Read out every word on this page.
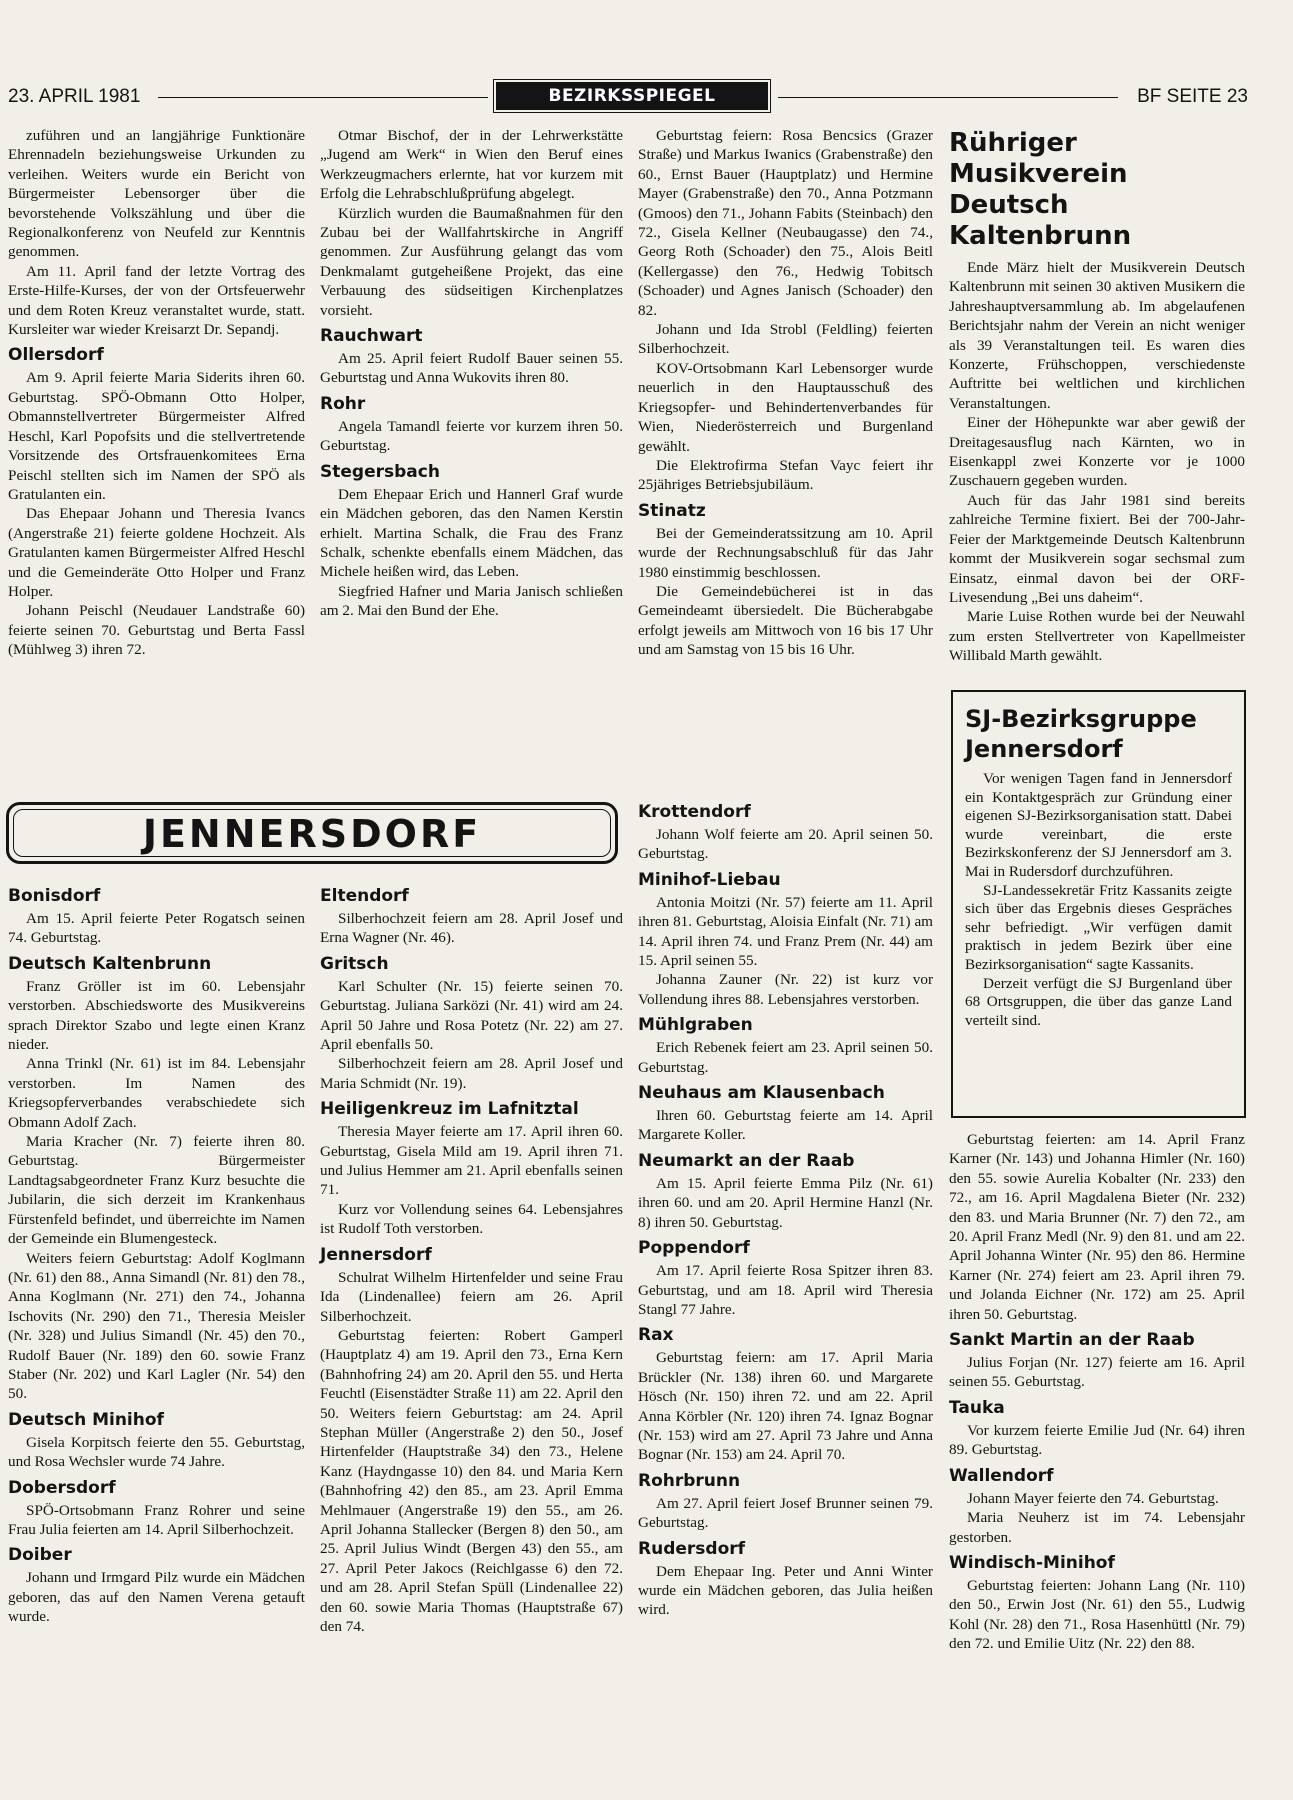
23. APRIL 1981	BEZIRKSSPIEGEL	BF SEITE 23

zuführen und an langjährige Funktionäre Ehrennadeln beziehungsweise Urkunden zu verleihen. Weiters wurde ein Bericht von Bürgermeister Lebensorger über die bevorstehende Volkszählung und über die Regionalkonferenz von Neufeld zur Kenntnis genommen.

Am 11. April fand der letzte Vortrag des Erste-Hilfe-Kurses, der von der Ortsfeuerwehr und dem Roten Kreuz veranstaltet wurde, statt. Kursleiter war wieder Kreisarzt Dr. Sepandj.

Ollersdorf

Am 9. April feierte Maria Siderits ihren 60. Geburtstag. SPÖ-Obmann Otto Holper, Obmannstellvertreter Bürgermeister Alfred Heschl, Karl Popofsits und die stellvertretende Vorsitzende des Ortsfrauenkomitees Erna Peischl stellten sich im Namen der SPÖ als Gratulanten ein.

Das Ehepaar Johann und Theresia Ivancs (Angerstraße 21) feierte goldene Hochzeit. Als Gratulanten kamen Bürgermeister Alfred Heschl und die Gemeinderäte Otto Holper und Franz Holper.

Johann Peischl (Neudauer Landstraße 60) feierte seinen 70. Geburtstag und Berta Fassl (Mühlweg 3) ihren 72.

Otmar Bischof, der in der Lehrwerkstätte „Jugend am Werk“ in Wien den Beruf eines Werkzeugmachers erlernte, hat vor kurzem mit Erfolg die Lehrabschlußprüfung abgelegt.

Kürzlich wurden die Baumaßnahmen für den Zubau bei der Wallfahrtskirche in Angriff genommen. Zur Ausführung gelangt das vom Denkmalamt gutgeheißene Projekt, das eine Verbauung des südseitigen Kirchenplatzes vorsieht.

Rauchwart

Am 25. April feiert Rudolf Bauer seinen 55. Geburtstag und Anna Wukovits ihren 80.

Rohr

Angela Tamandl feierte vor kurzem ihren 50. Geburtstag.

Stegersbach

Dem Ehepaar Erich und Hannerl Graf wurde ein Mädchen geboren, das den Namen Kerstin erhielt. Martina Schalk, die Frau des Franz Schalk, schenkte ebenfalls einem Mädchen, das Michele heißen wird, das Leben.

Siegfried Hafner und Maria Janisch schließen am 2. Mai den Bund der Ehe.

Geburtstag feiern: Rosa Bencsics (Grazer Straße) und Markus Iwanics (Grabenstraße) den 60., Ernst Bauer (Hauptplatz) und Hermine Mayer (Grabenstraße) den 70., Anna Potzmann (Gmoos) den 71., Johann Fabits (Steinbach) den 72., Gisela Kellner (Neubaugasse) den 74., Georg Roth (Schoader) den 75., Alois Beitl (Kellergasse) den 76., Hedwig Tobitsch (Schoader) und Agnes Janisch (Schoader) den 82.

Johann und Ida Strobl (Feldling) feierten Silberhochzeit.

KOV-Ortsobmann Karl Lebensorger wurde neuerlich in den Hauptausschuß des Kriegsopfer- und Behindertenverbandes für Wien, Niederösterreich und Burgenland gewählt.

Die Elektrofirma Stefan Vayc feiert ihr 25jähriges Betriebsjubiläum.

Stinatz

Bei der Gemeinderatssitzung am 10. April wurde der Rechnungsabschluß für das Jahr 1980 einstimmig beschlossen.

Die Gemeindebücherei ist in das Gemeindeamt übersiedelt. Die Bücherabgabe erfolgt jeweils am Mittwoch von 16 bis 17 Uhr und am Samstag von 15 bis 16 Uhr.

Rühriger Musikverein Deutsch Kaltenbrunn

Ende März hielt der Musikverein Deutsch Kaltenbrunn mit seinen 30 aktiven Musikern die Jahreshauptversammlung ab. Im abgelaufenen Berichtsjahr nahm der Verein an nicht weniger als 39 Veranstaltungen teil. Es waren dies Konzerte, Frühschoppen, verschiedenste Auftritte bei weltlichen und kirchlichen Veranstaltungen.

Einer der Höhepunkte war aber gewiß der Dreitagesausflug nach Kärnten, wo in Eisenkappl zwei Konzerte vor je 1000 Zuschauern gegeben wurden.

Auch für das Jahr 1981 sind bereits zahlreiche Termine fixiert. Bei der 700-Jahr-Feier der Marktgemeinde Deutsch Kaltenbrunn kommt der Musikverein sogar sechsmal zum Einsatz, einmal davon bei der ORF-Livesendung „Bei uns daheim“.

Marie Luise Rothen wurde bei der Neuwahl zum ersten Stellvertreter von Kapellmeister Willibald Marth gewählt.

JENNERSDORF
Bonisdorf

Am 15. April feierte Peter Rogatsch seinen 74. Geburtstag.

Deutsch Kaltenbrunn

Franz Gröller ist im 60. Lebensjahr verstorben. Abschiedsworte des Musikvereins sprach Direktor Szabo und legte einen Kranz nieder.

Anna Trinkl (Nr. 61) ist im 84. Lebensjahr verstorben. Im Namen des Kriegsopferverbandes verabschiedete sich Obmann Adolf Zach.

Maria Kracher (Nr. 7) feierte ihren 80. Geburtstag. Bürgermeister Landtagsabgeordneter Franz Kurz besuchte die Jubilarin, die sich derzeit im Krankenhaus Fürstenfeld befindet, und überreichte im Namen der Gemeinde ein Blumengesteck.

Weiters feiern Geburtstag: Adolf Koglmann (Nr. 61) den 88., Anna Simandl (Nr. 81) den 78., Anna Koglmann (Nr. 271) den 74., Johanna Ischovits (Nr. 290) den 71., Theresia Meisler (Nr. 328) und Julius Simandl (Nr. 45) den 70., Rudolf Bauer (Nr. 189) den 60. sowie Franz Staber (Nr. 202) und Karl Lagler (Nr. 54) den 50.

Deutsch Minihof

Gisela Korpitsch feierte den 55. Geburtstag, und Rosa Wechsler wurde 74 Jahre.

Dobersdorf

SPÖ-Ortsobmann Franz Rohrer und seine Frau Julia feierten am 14. April Silberhochzeit.

Doiber

Johann und Irmgard Pilz wurde ein Mädchen geboren, das auf den Namen Verena getauft wurde.

Eltendorf

Silberhochzeit feiern am 28. April Josef und Erna Wagner (Nr. 46).

Gritsch

Karl Schulter (Nr. 15) feierte seinen 70. Geburtstag. Juliana Sarközi (Nr. 41) wird am 24. April 50 Jahre und Rosa Potetz (Nr. 22) am 27. April ebenfalls 50.

Silberhochzeit feiern am 28. April Josef und Maria Schmidt (Nr. 19).

Heiligenkreuz im Lafnitztal

Theresia Mayer feierte am 17. April ihren 60. Geburtstag, Gisela Mild am 19. April ihren 71. und Julius Hemmer am 21. April ebenfalls seinen 71.

Kurz vor Vollendung seines 64. Lebensjahres ist Rudolf Toth verstorben.

Jennersdorf

Schulrat Wilhelm Hirtenfelder und seine Frau Ida (Lindenallee) feiern am 26. April Silberhochzeit.

Geburtstag feierten: Robert Gamperl (Hauptplatz 4) am 19. April den 73., Erna Kern (Bahnhofring 24) am 20. April den 55. und Herta Feuchtl (Eisenstädter Straße 11) am 22. April den 50. Weiters feiern Geburtstag: am 24. April Stephan Müller (Angerstraße 2) den 50., Josef Hirtenfelder (Hauptstraße 34) den 73., Helene Kanz (Haydngasse 10) den 84. und Maria Kern (Bahnhofring 42) den 85., am 23. April Emma Mehlmauer (Angerstraße 19) den 55., am 26. April Johanna Stallecker (Bergen 8) den 50., am 25. April Julius Windt (Bergen 43) den 55., am 27. April Peter Jakocs (Reichlgasse 6) den 72. und am 28. April Stefan Spüll (Lindenallee 22) den 60. sowie Maria Thomas (Hauptstraße 67) den 74.

Krottendorf

Johann Wolf feierte am 20. April seinen 50. Geburtstag.

Minihof-Liebau

Antonia Moitzi (Nr. 57) feierte am 11. April ihren 81. Geburtstag, Aloisia Einfalt (Nr. 71) am 14. April ihren 74. und Franz Prem (Nr. 44) am 15. April seinen 55.

Johanna Zauner (Nr. 22) ist kurz vor Vollendung ihres 88. Lebensjahres verstorben.

Mühlgraben

Erich Rebenek feiert am 23. April seinen 50. Geburtstag.

Neuhaus am Klausenbach

Ihren 60. Geburtstag feierte am 14. April Margarete Koller.

Neumarkt an der Raab

Am 15. April feierte Emma Pilz (Nr. 61) ihren 60. und am 20. April Hermine Hanzl (Nr. 8) ihren 50. Geburtstag.

Poppendorf

Am 17. April feierte Rosa Spitzer ihren 83. Geburtstag, und am 18. April wird Theresia Stangl 77 Jahre.

Rax

Geburtstag feiern: am 17. April Maria Brückler (Nr. 138) ihren 60. und Margarete Hösch (Nr. 150) ihren 72. und am 22. April Anna Körbler (Nr. 120) ihren 74. Ignaz Bognar (Nr. 153) wird am 27. April 73 Jahre und Anna Bognar (Nr. 153) am 24. April 70.

Rohrbrunn

Am 27. April feiert Josef Brunner seinen 79. Geburtstag.

Rudersdorf

Dem Ehepaar Ing. Peter und Anni Winter wurde ein Mädchen geboren, das Julia heißen wird.

SJ-Bezirksgruppe Jennersdorf

Vor wenigen Tagen fand in Jennersdorf ein Kontaktgespräch zur Gründung einer eigenen SJ-Bezirksorganisation statt. Dabei wurde vereinbart, die erste Bezirkskonferenz der SJ Jennersdorf am 3. Mai in Rudersdorf durchzuführen.

SJ-Landessekretär Fritz Kassanits zeigte sich über das Ergebnis dieses Gespräches sehr befriedigt. „Wir verfügen damit praktisch in jedem Bezirk über eine Bezirksorganisation“ sagte Kassanits.

Derzeit verfügt die SJ Burgenland über 68 Ortsgruppen, die über das ganze Land verteilt sind.

Geburtstag feierten: am 14. April Franz Karner (Nr. 143) und Johanna Himler (Nr. 160) den 55. sowie Aurelia Kobalter (Nr. 233) den 72., am 16. April Magdalena Bieter (Nr. 232) den 83. und Maria Brunner (Nr. 7) den 72., am 20. April Franz Medl (Nr. 9) den 81. und am 22. April Johanna Winter (Nr. 95) den 86. Hermine Karner (Nr. 274) feiert am 23. April ihren 79. und Jolanda Eichner (Nr. 172) am 25. April ihren 50. Geburtstag.

Sankt Martin an der Raab

Julius Forjan (Nr. 127) feierte am 16. April seinen 55. Geburtstag.

Tauka

Vor kurzem feierte Emilie Jud (Nr. 64) ihren 89. Geburtstag.

Wallendorf

Johann Mayer feierte den 74. Geburtstag.

Maria Neuherz ist im 74. Lebensjahr gestorben.

Windisch-Minihof

Geburtstag feierten: Johann Lang (Nr. 110) den 50., Erwin Jost (Nr. 61) den 55., Ludwig Kohl (Nr. 28) den 71., Rosa Hasenhüttl (Nr. 79) den 72. und Emilie Uitz (Nr. 22) den 88.
